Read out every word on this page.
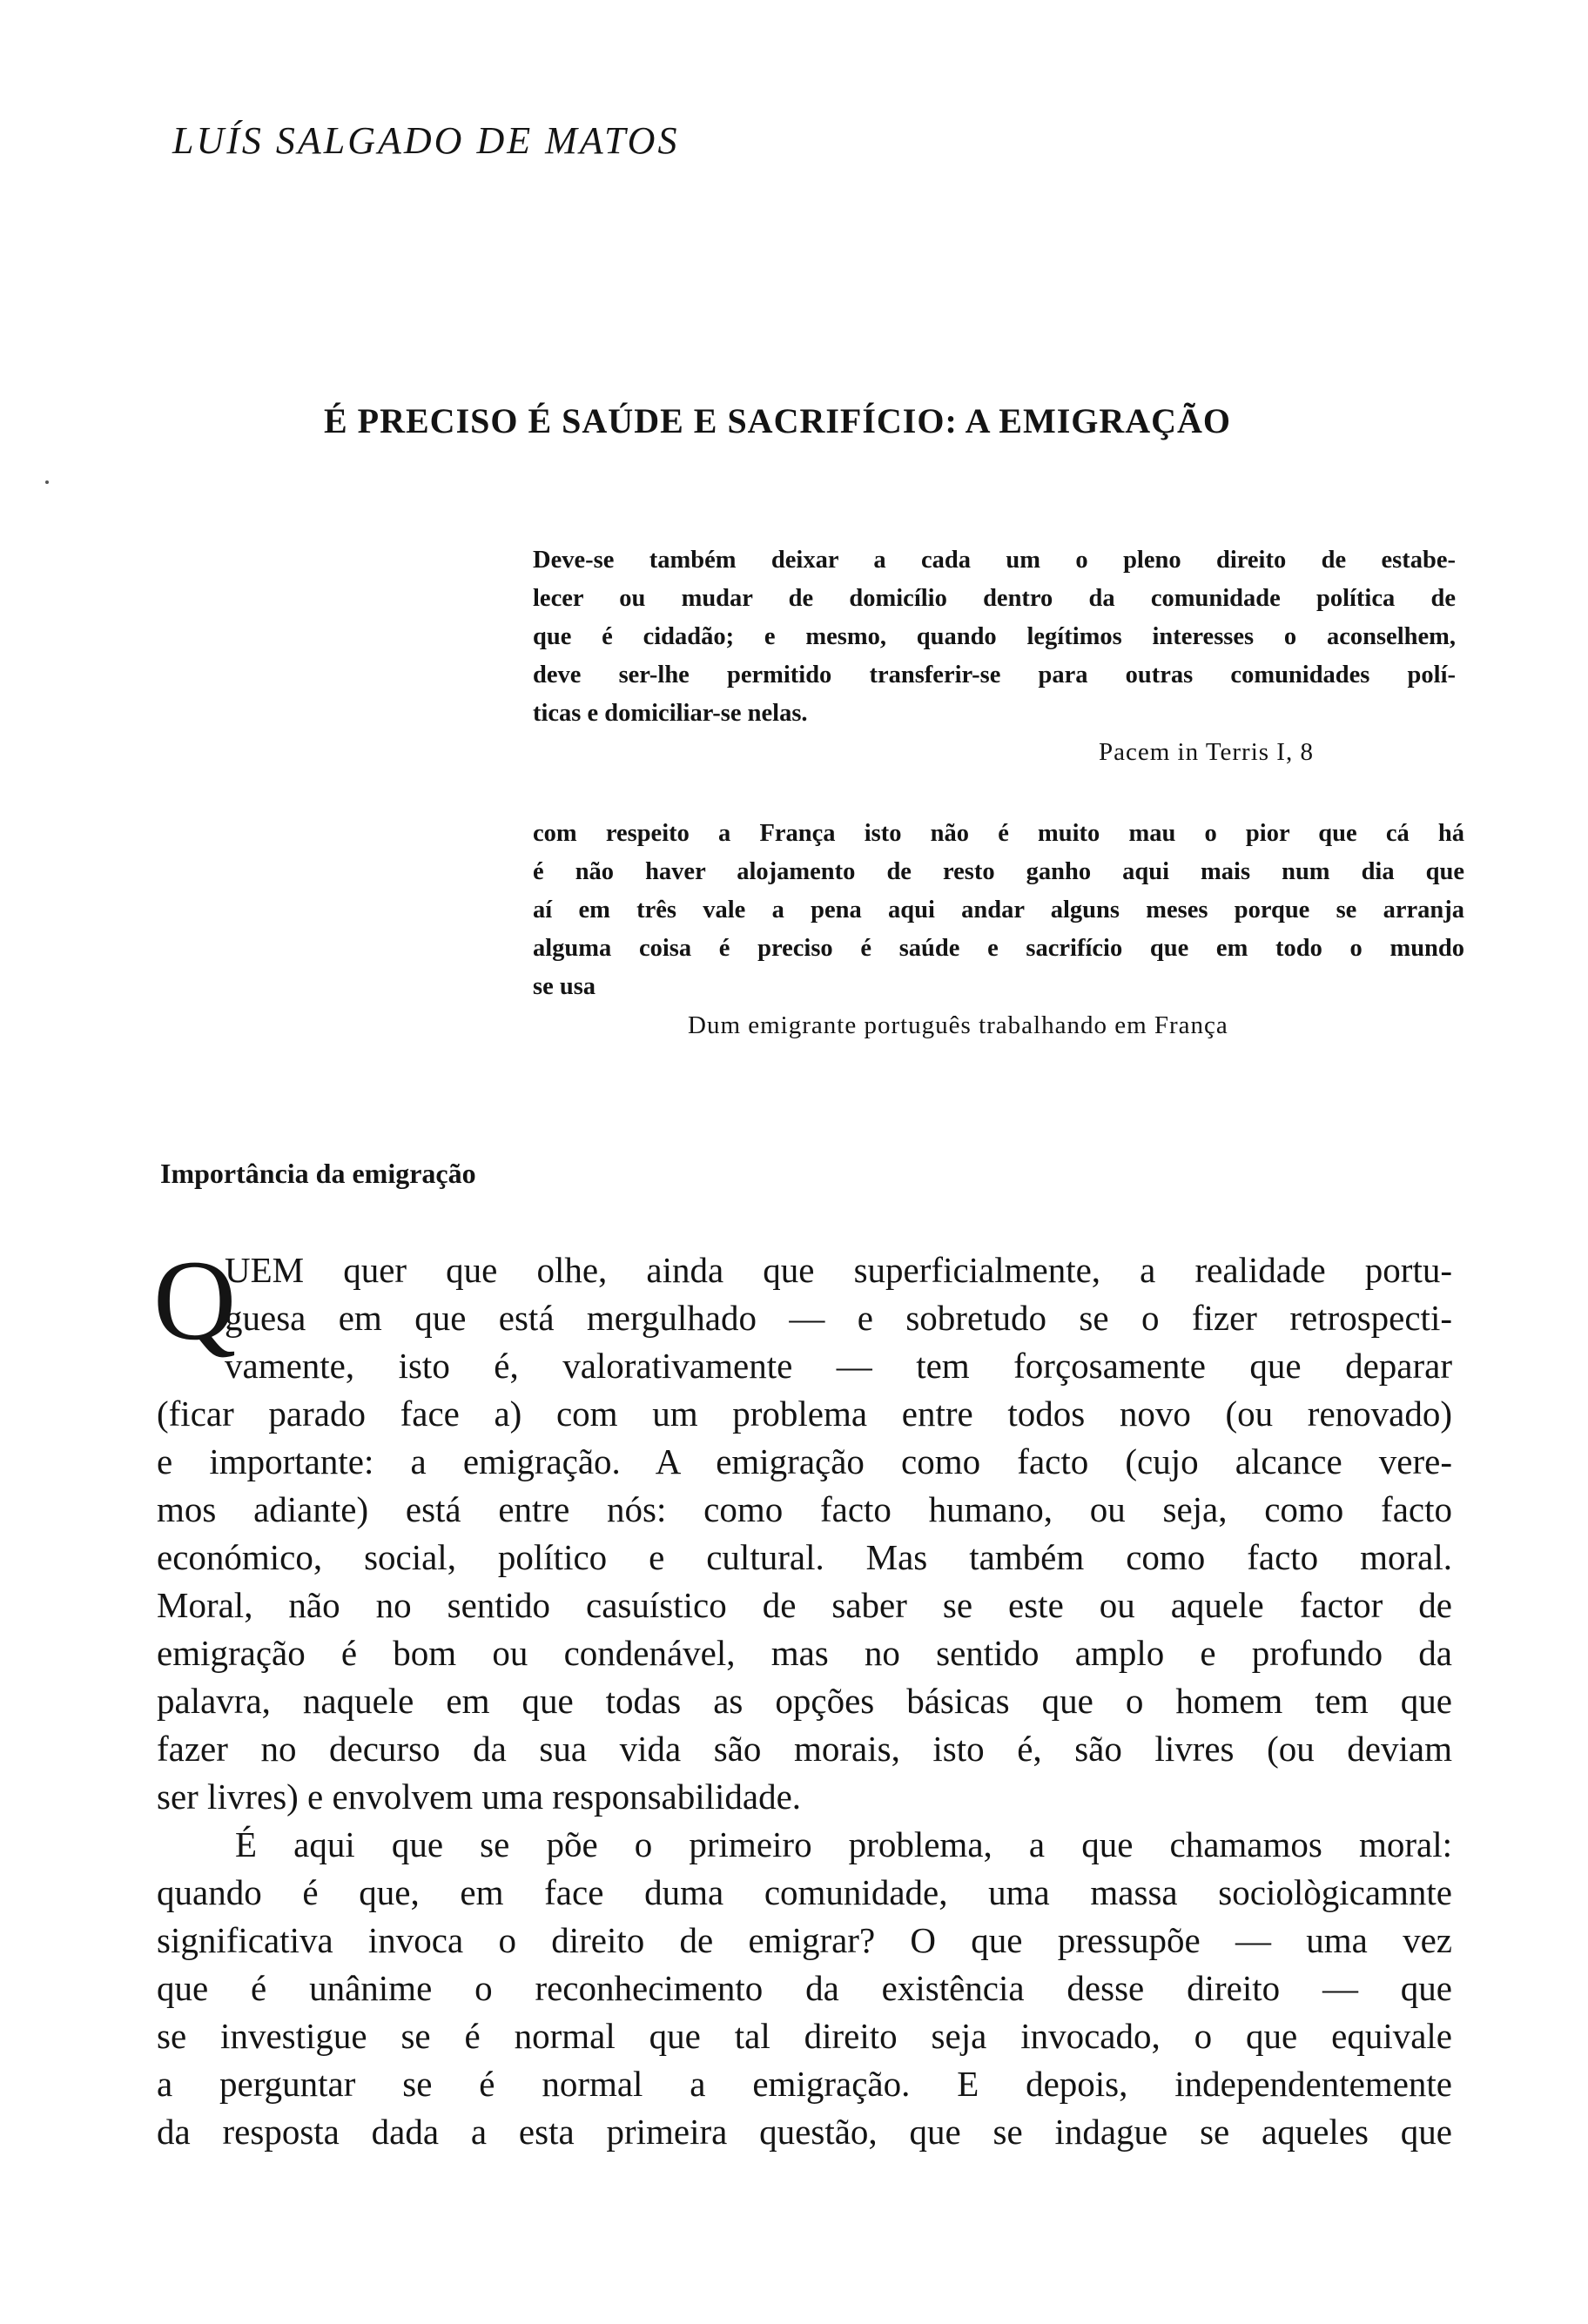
LUÍS SALGADO DE MATOS
É PRECISO É SAÚDE E SACRIFÍCIO: A EMIGRAÇÃO
Deve-se também deixar a cada um o pleno direito de estabe-
lecer ou mudar de domicílio dentro da comunidade política de
que é cidadão; e mesmo, quando legítimos interesses o aconselhem,
deve ser-lhe permitido transferir-se para outras comunidades polí-
ticas e domiciliar-se nelas.

Pacem in Terris I, 8

com respeito a França isto não é muito mau o pior que cá há
é não haver alojamento de resto ganho aqui mais num dia que
aí em três vale a pena aqui andar alguns meses porque se arranja
alguma coisa é preciso é saúde e sacrifício que em todo o mundo
se usa

Dum emigrante português trabalhando em França

Importância da emigração
Q
UEM quer que olhe, ainda que superficialmente, a realidade portu-
guesa em que está mergulhado — e sobretudo se o fizer retrospecti-
vamente, isto é, valorativamente — tem forçosamente que deparar
(ficar parado face a) com um problema entre todos novo (ou renovado)
e importante: a emigração. A emigração como facto (cujo alcance vere-
mos adiante) está entre nós: como facto humano, ou seja, como facto
económico, social, político e cultural. Mas também como facto moral.
Moral, não no sentido casuístico de saber se este ou aquele factor de
emigração é bom ou condenável, mas no sentido amplo e profundo da
palavra, naquele em que todas as opções básicas que o homem tem que
fazer no decurso da sua vida são morais, isto é, são livres (ou deviam
ser livres) e envolvem uma responsabilidade.
É aqui que se põe o primeiro problema, a que chamamos moral:
quando é que, em face duma comunidade, uma massa sociològicamnte
significativa invoca o direito de emigrar? O que pressupõe — uma vez
que é unânime o reconhecimento da existência desse direito — que
se investigue se é normal que tal direito seja invocado, o que equivale
a perguntar se é normal a emigração. E depois, independentemente
da resposta dada a esta primeira questão, que se indague se aqueles que
